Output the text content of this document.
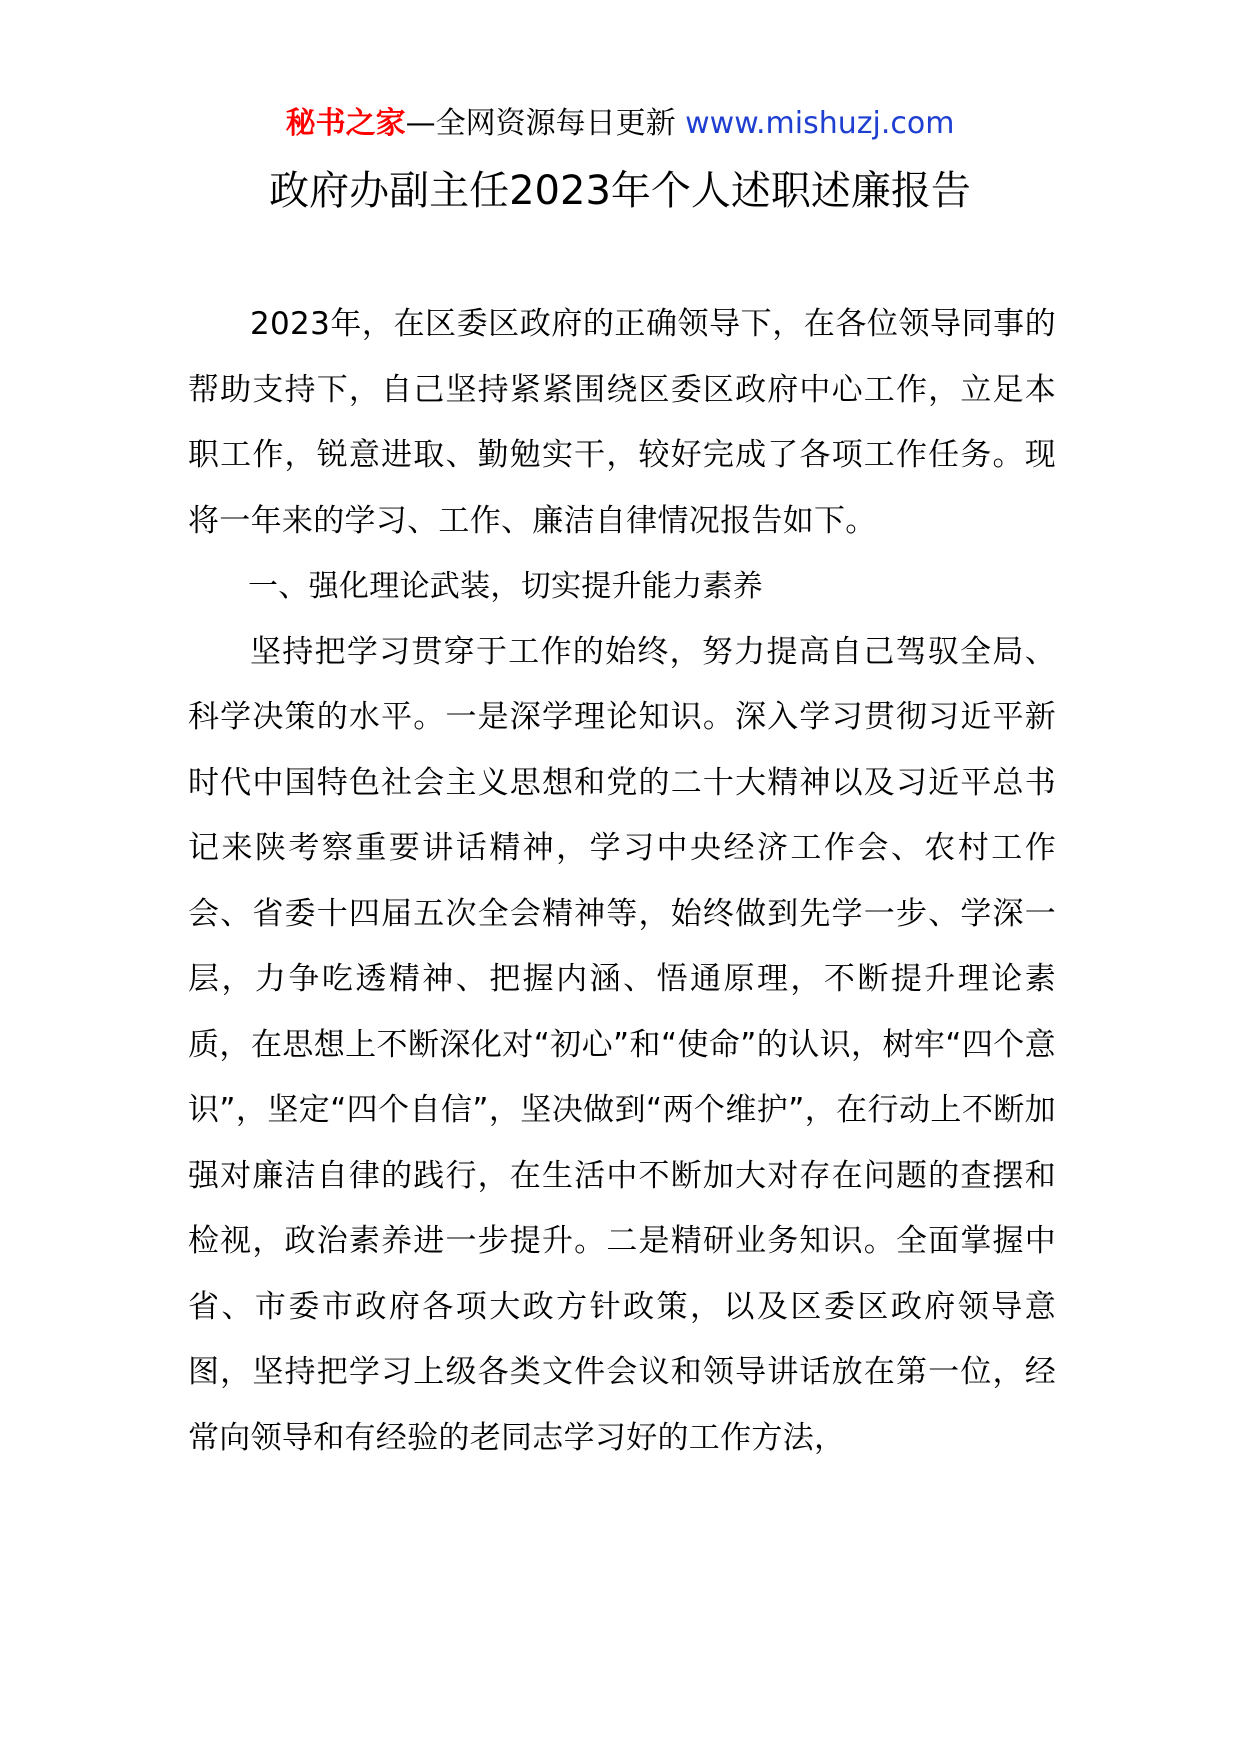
秘书之家—全网资源每日更新 www.mishuzj.com
政府办副主任2023年个人述职述廉报告

2023年，在区委区政府的正确领导下，在各位领导同事的帮助支持下，自己坚持紧紧围绕区委区政府中心工作，立足本职工作，锐意进取、勤勉实干，较好完成了各项工作任务。现将一年来的学习、工作、廉洁自律情况报告如下。

一、强化理论武装，切实提升能力素养

坚持把学习贯穿于工作的始终，努力提高自己驾驭全局、科学决策的水平。一是深学理论知识。深入学习贯彻习近平新时代中国特色社会主义思想和党的二十大精神以及习近平总书记来陕考察重要讲话精神，学习中央经济工作会、农村工作会、省委十四届五次全会精神等，始终做到先学一步、学深一层，力争吃透精神、把握内涵、悟通原理，不断提升理论素质，在思想上不断深化对“初心”和“使命”的认识，树牢“四个意识”，坚定“四个自信”，坚决做到“两个维护”，在行动上不断加强对廉洁自律的践行，在生活中不断加大对存在问题的查摆和检视，政治素养进一步提升。二是精研业务知识。全面掌握中省、市委市政府各项大政方针政策，以及区委区政府领导意图，坚持把学习上级各类文件会议和领导讲话放在第一位，经常向领导和有经验的老同志学习好的工作方法，
